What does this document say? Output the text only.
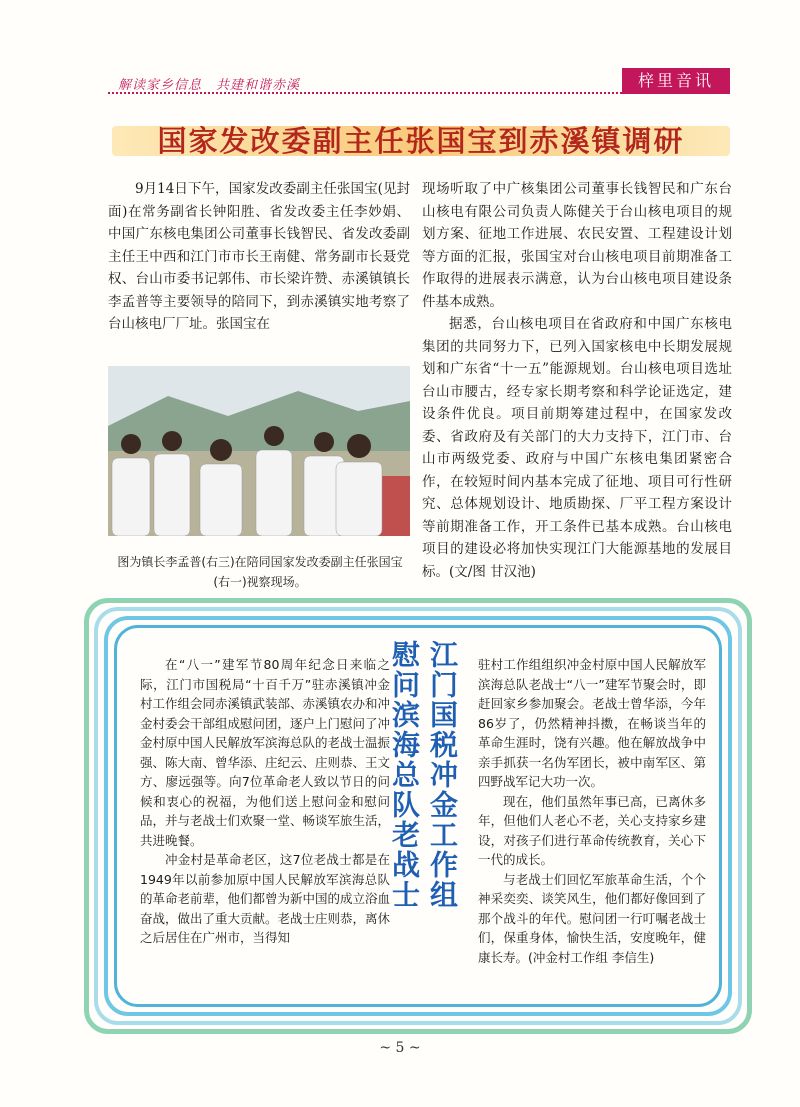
解读家乡信息　共建和谐赤溪	梓里音讯
国家发改委副主任张国宝到赤溪镇调研

9月14日下午，国家发改委副主任张国宝(见封面)在常务副省长钟阳胜、省发改委主任李妙娟、中国广东核电集团公司董事长钱智民、省发改委副主任王中西和江门市市长王南健、常务副市长聂党权、台山市委书记郭伟、市长梁许赞、赤溪镇镇长李孟普等主要领导的陪同下，到赤溪镇实地考察了台山核电厂厂址。张国宝在

图为镇长李孟普(右三)在陪同国家发改委副主任张国宝(右一)视察现场。

现场听取了中广核集团公司董事长钱智民和广东台山核电有限公司负责人陈健关于台山核电项目的规划方案、征地工作进展、农民安置、工程建设计划等方面的汇报，张国宝对台山核电项目前期准备工作取得的进展表示满意，认为台山核电项目建设条件基本成熟。

据悉，台山核电项目在省政府和中国广东核电集团的共同努力下，已列入国家核电中长期发展规划和广东省“十一五”能源规划。台山核电项目选址台山市腰古，经专家长期考察和科学论证选定，建设条件优良。项目前期筹建过程中，在国家发改委、省政府及有关部门的大力支持下，江门市、台山市两级党委、政府与中国广东核电集团紧密合作，在较短时间内基本完成了征地、项目可行性研究、总体规划设计、地质勘探、厂平工程方案设计等前期准备工作，开工条件已基本成熟。台山核电项目的建设必将加快实现江门大能源基地的发展目标。(文/图 甘汉池)

在“八一”建军节80周年纪念日来临之际，江门市国税局“十百千万”驻赤溪镇冲金村工作组会同赤溪镇武装部、赤溪镇农办和冲金村委会干部组成慰问团，逐户上门慰问了冲金村原中国人民解放军滨海总队的老战士温振强、陈大南、曾华添、庄纪云、庄则恭、王文方、廖远强等。向7位革命老人致以节日的问候和衷心的祝福，为他们送上慰问金和慰问品，并与老战士们欢聚一堂、畅谈军旅生活，共进晚餐。

冲金村是革命老区，这7位老战士都是在1949年以前参加原中国人民解放军滨海总队的革命老前辈，他们都曾为新中国的成立浴血奋战，做出了重大贡献。老战士庄则恭，离休之后居住在广州市，当得知

江门国税冲金工作组
慰问滨海总队老战士	驻村工作组组织冲金村原中国人民解放军滨海总队老战士“八一”建军节聚会时，即赶回家乡参加聚会。老战士曾华添，今年86岁了，仍然精神抖擞，在畅谈当年的革命生涯时，饶有兴趣。他在解放战争中亲手抓获一名伪军团长，被中南军区、第四野战军记大功一次。

现在，他们虽然年事已高，已离休多年，但他们人老心不老，关心支持家乡建设，对孩子们进行革命传统教育，关心下一代的成长。

与老战士们回忆军旅革命生活，个个神采奕奕、谈笑风生，他们都好像回到了那个战斗的年代。慰问团一行叮嘱老战士们，保重身体，愉快生活，安度晚年，健康长寿。(冲金村工作组 李信生)

~ 5 ~
